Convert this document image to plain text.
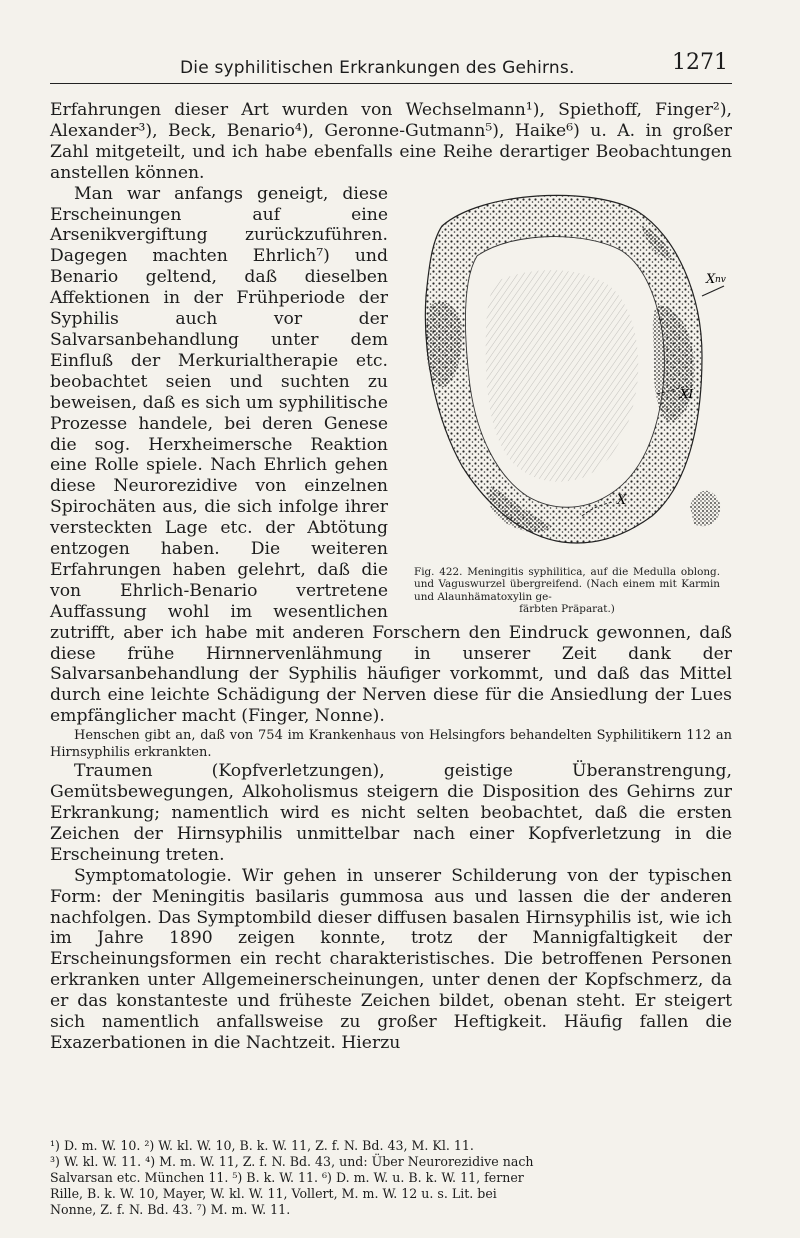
Die syphilitischen Erkrankungen des Gehirns.	1271

Erfahrungen dieser Art wurden von Wechselmann¹), Spiethoff, Finger²), Alexander³), Beck, Benario⁴), Geronne-Gutmann⁵), Haike⁶) u. A. in großer Zahl mitgeteilt, und ich habe ebenfalls eine Reihe derartiger Beobachtungen anstellen können.

X nv
XI
X
Fig. 422. Meningitis syphilitica, auf die Medulla oblong. und Vaguswurzel übergreifend. (Nach einem mit Karmin und Alaunhämatoxylin ge-
färbten Präparat.)

Man war anfangs geneigt, diese Erscheinungen auf eine Arsenikvergiftung zurückzuführen. Dagegen machten Ehrlich⁷) und Benario geltend, daß dieselben Affektionen in der Frühperiode der Syphilis auch vor der Salvarsanbehandlung unter dem Einfluß der Merkurialtherapie etc. beobachtet seien und suchten zu beweisen, daß es sich um syphilitische Prozesse handele, bei deren Genese die sog. Herxheimersche Reaktion eine Rolle spiele. Nach Ehrlich gehen diese Neurorezidive von einzelnen Spirochäten aus, die sich infolge ihrer versteckten Lage etc. der Abtötung entzogen haben. Die weiteren Erfahrungen haben gelehrt, daß die von Ehrlich-Benario vertretene Auffassung wohl im wesentlichen zutrifft, aber ich habe mit anderen Forschern den Eindruck gewonnen, daß diese frühe Hirnnervenlähmung in unserer Zeit dank der Salvarsanbehandlung der Syphilis häufiger vorkommt, und daß das Mittel durch eine leichte Schädigung der Nerven diese für die Ansiedlung der Lues empfänglicher macht (Finger, Nonne).

Henschen gibt an, daß von 754 im Krankenhaus von Helsingfors behandelten Syphilitikern 112 an Hirnsyphilis erkrankten.

Traumen (Kopfverletzungen), geistige Überanstrengung, Gemütsbewegungen, Alkoholismus steigern die Disposition des Gehirns zur Erkrankung; namentlich wird es nicht selten beobachtet, daß die ersten Zeichen der Hirnsyphilis unmittelbar nach einer Kopfverletzung in die Erscheinung treten.

Symptomatologie. Wir gehen in unserer Schilderung von der typischen Form: der Meningitis basilaris gummosa aus und lassen die der anderen nachfolgen. Das Symptombild dieser diffusen basalen Hirnsyphilis ist, wie ich im Jahre 1890 zeigen konnte, trotz der Mannigfaltigkeit der Erscheinungsformen ein recht charakteristisches. Die betroffenen Personen erkranken unter Allgemeinerscheinungen, unter denen der Kopfschmerz, da er das konstanteste und früheste Zeichen bildet, obenan steht. Er steigert sich namentlich anfallsweise zu großer Heftigkeit. Häufig fallen die Exazerbationen in die Nachtzeit. Hierzu

¹) D. m. W. 10. ²) W. kl. W. 10, B. k. W. 11, Z. f. N. Bd. 43, M. Kl. 11.
³) W. kl. W. 11. ⁴) M. m. W. 11, Z. f. N. Bd. 43, und: Über Neurorezidive nach
Salvarsan etc. München 11. ⁵) B. k. W. 11. ⁶) D. m. W. u. B. k. W. 11, ferner
Rille, B. k. W. 10, Mayer, W. kl. W. 11, Vollert, M. m. W. 12 u. s. Lit. bei
Nonne, Z. f. N. Bd. 43. ⁷) M. m. W. 11.
